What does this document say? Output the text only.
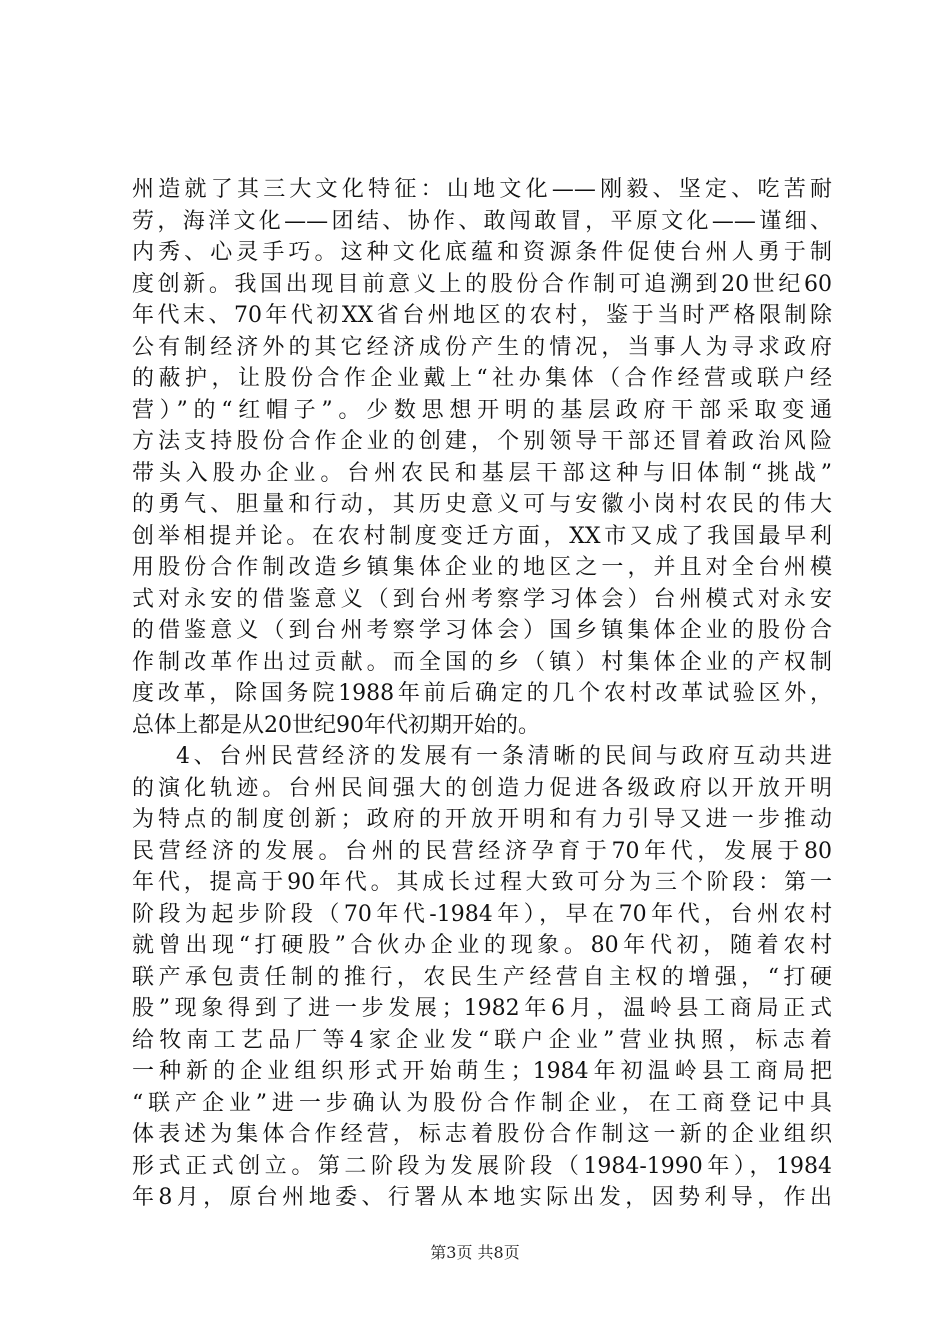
州造就了其三大文化特征：山地文化——刚毅、坚定、吃苦耐
劳，海洋文化——团结、协作、敢闯敢冒，平原文化——谨细、
内秀、心灵手巧。这种文化底蕴和资源条件促使台州人勇于制
度创新。我国出现目前意义上的股份合作制可追溯到20世纪60
年代末、70年代初XX省台州地区的农村，鉴于当时严格限制除
公有制经济外的其它经济成份产生的情况，当事人为寻求政府
的蔽护，让股份合作企业戴上“社办集体（合作经营或联户经
营）”的“红帽子”。少数思想开明的基层政府干部采取变通
方法支持股份合作企业的创建，个别领导干部还冒着政治风险
带头入股办企业。台州农民和基层干部这种与旧体制“挑战”
的勇气、胆量和行动，其历史意义可与安徽小岗村农民的伟大
创举相提并论。在农村制度变迁方面，XX市又成了我国最早利
用股份合作制改造乡镇集体企业的地区之一，并且对全台州模
式对永安的借鉴意义（到台州考察学习体会）台州模式对永安
的借鉴意义（到台州考察学习体会）国乡镇集体企业的股份合
作制改革作出过贡献。而全国的乡（镇）村集体企业的产权制
度改革，除国务院1988年前后确定的几个农村改革试验区外，
总体上都是从20世纪90年代初期开始的。
4、台州民营经济的发展有一条清晰的民间与政府互动共进
的演化轨迹。台州民间强大的创造力促进各级政府以开放开明
为特点的制度创新；政府的开放开明和有力引导又进一步推动
民营经济的发展。台州的民营经济孕育于70年代，发展于80
年代，提高于90年代。其成长过程大致可分为三个阶段：第一
阶段为起步阶段（70年代-1984年），早在70年代，台州农村
就曾出现“打硬股”合伙办企业的现象。80年代初，随着农村
联产承包责任制的推行，农民生产经营自主权的增强，“打硬
股”现象得到了进一步发展；1982年6月，温岭县工商局正式
给牧南工艺品厂等4家企业发“联户企业”营业执照，标志着
一种新的企业组织形式开始萌生；1984年初温岭县工商局把
“联产企业”进一步确认为股份合作制企业，在工商登记中具
体表述为集体合作经营，标志着股份合作制这一新的企业组织
形式正式创立。第二阶段为发展阶段（1984-1990年），1984
年8月，原台州地委、行署从本地实际出发，因势利导，作出
第3页 共8页
